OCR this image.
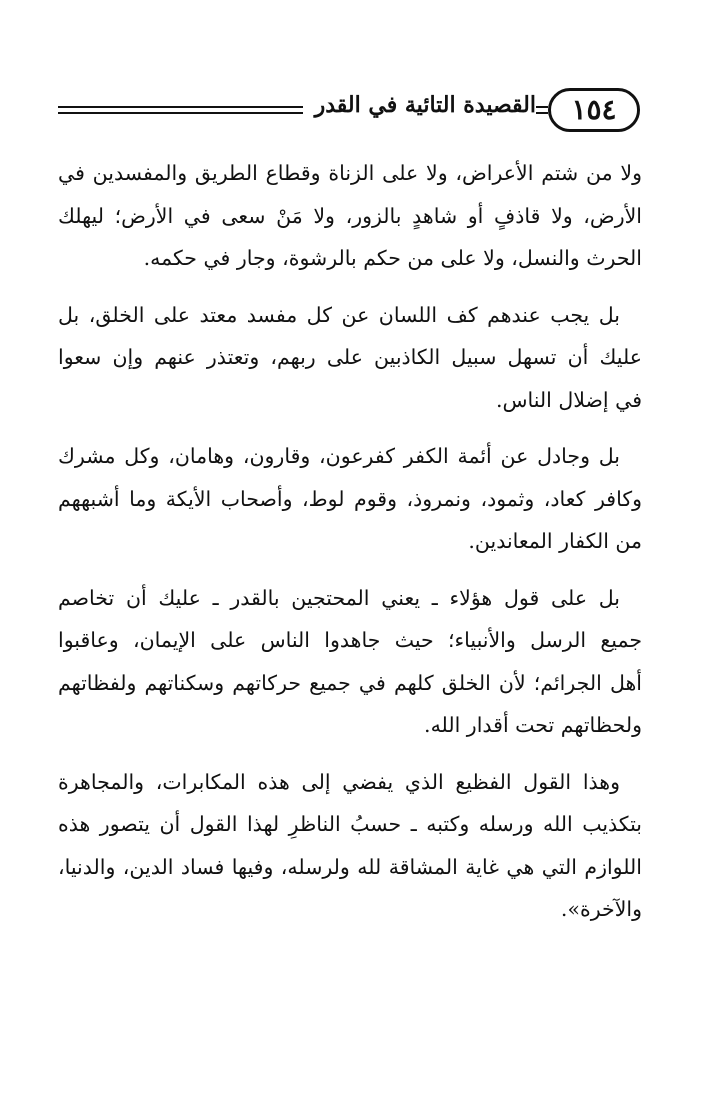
القصيدة التائية في القدر	١٥٤
ولا من شتم الأعراض، ولا على الزناة وقطاع الطريق والمفسدين في
الأرض، ولا قاذفٍ أو شاهدٍ بالزور، ولا مَنْ سعى في الأرض؛ ليهلك
الحرث والنسل، ولا على من حكم بالرشوة، وجار في حكمه.
بل يجب عندهم كف اللسان عن كل مفسد معتد على الخلق، بل
عليك أن تسهل سبيل الكاذبين على ربهم، وتعتذر عنهم وإن سعوا
في إضلال الناس.
بل وجادل عن أئمة الكفر كفرعون، وقارون، وهامان، وكل مشرك
وكافر كعاد، وثمود، ونمروذ، وقوم لوط، وأصحاب الأيكة وما أشبههم
من الكفار المعاندين.
بل على قول هؤلاء ـ يعني المحتجين بالقدر ـ عليك أن تخاصم
جميع الرسل والأنبياء؛ حيث جاهدوا الناس على الإيمان، وعاقبوا
أهل الجرائم؛ لأن الخلق كلهم في جميع حركاتهم وسكناتهم ولفظاتهم
ولحظاتهم تحت أقدار الله.
وهذا القول الفظيع الذي يفضي إلى هذه المكابرات، والمجاهرة
بتكذيب الله ورسله وكتبه ـ حسبُ الناظرِ لهذا القول أن يتصور هذه
اللوازم التي هي غاية المشاقة لله ولرسله، وفيها فساد الدين، والدنيا،
والآخرة».
